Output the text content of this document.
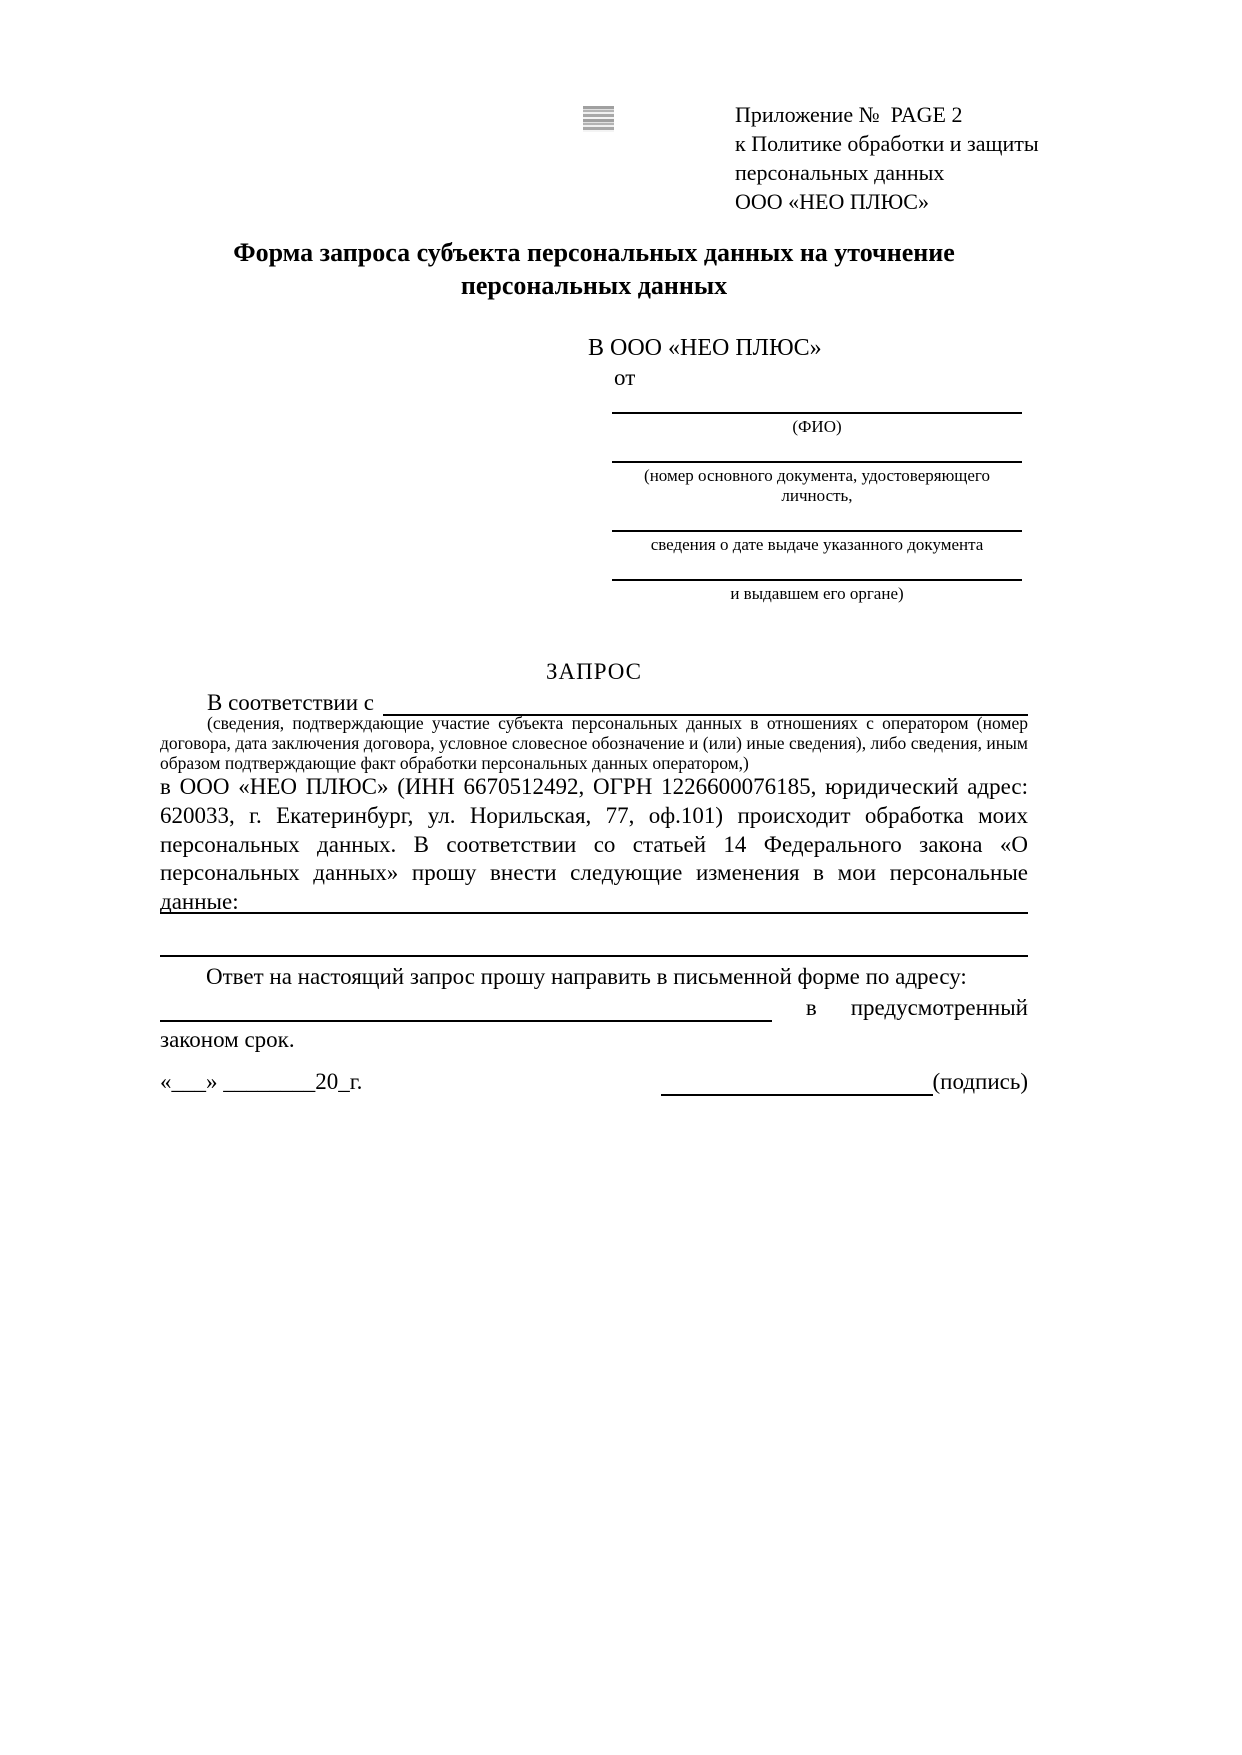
Приложение №  PAGE 2
к Политике обработки и защиты
персональных данных
ООО «НЕО ПЛЮС»
Форма запроса субъекта персональных данных на уточнение
персональных данных
В ООО «НЕО ПЛЮС»
от
(ФИО)
(номер основного документа, удостоверяющего личность,
сведения о дате выдаче указанного документа
и выдавшем его органе)
ЗАПРОС
В соответствии с
(сведения, подтверждающие участие субъекта персональных данных в отношениях с оператором (номер договора, дата заключения договора, условное словесное обозначение и (или) иные сведения), либо сведения, иным образом подтверждающие факт обработки персональных данных оператором,)
в ООО «НЕО ПЛЮС» (ИНН 6670512492, ОГРН 1226600076185, юридический адрес: 620033, г. Екатеринбург, ул. Норильская, 77, оф.101) происходит обработка моих персональных данных. В соответствии со статьей 14 Федерального закона «О персональных данных» прошу внести следующие изменения в мои персональные данные:
Ответ на настоящий запрос прошу направить в письменной форме по адресу:
в предусмотренный
законом срок.
«___» ________20_г.	(подпись)
